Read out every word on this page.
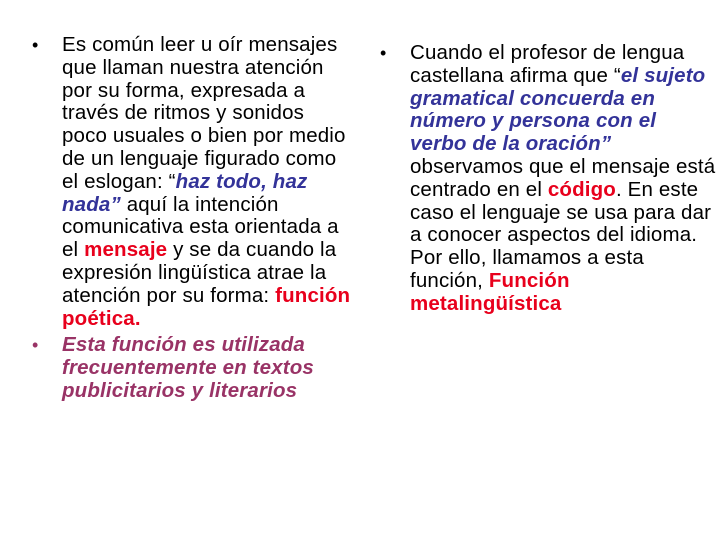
• Es común leer u oír mensajes que llaman nuestra atención por su forma, expresada a través de ritmos y sonidos poco usuales o bien por medio de un lenguaje figurado como el eslogan: “haz todo, haz nada” aquí la intención comunicativa esta orientada a el mensaje y se da cuando la expresión lingüística atrae la atención por su forma: función poética.
• Esta función es utilizada frecuentemente en textos publicitarios y literarios
• Cuando el profesor de lengua castellana afirma que “el sujeto gramatical concuerda en número y persona con el verbo de la oración” observamos que el mensaje está centrado en el código. En este caso el lenguaje se usa para dar a conocer aspectos del idioma. Por ello, llamamos a esta función, Función metalingüística
